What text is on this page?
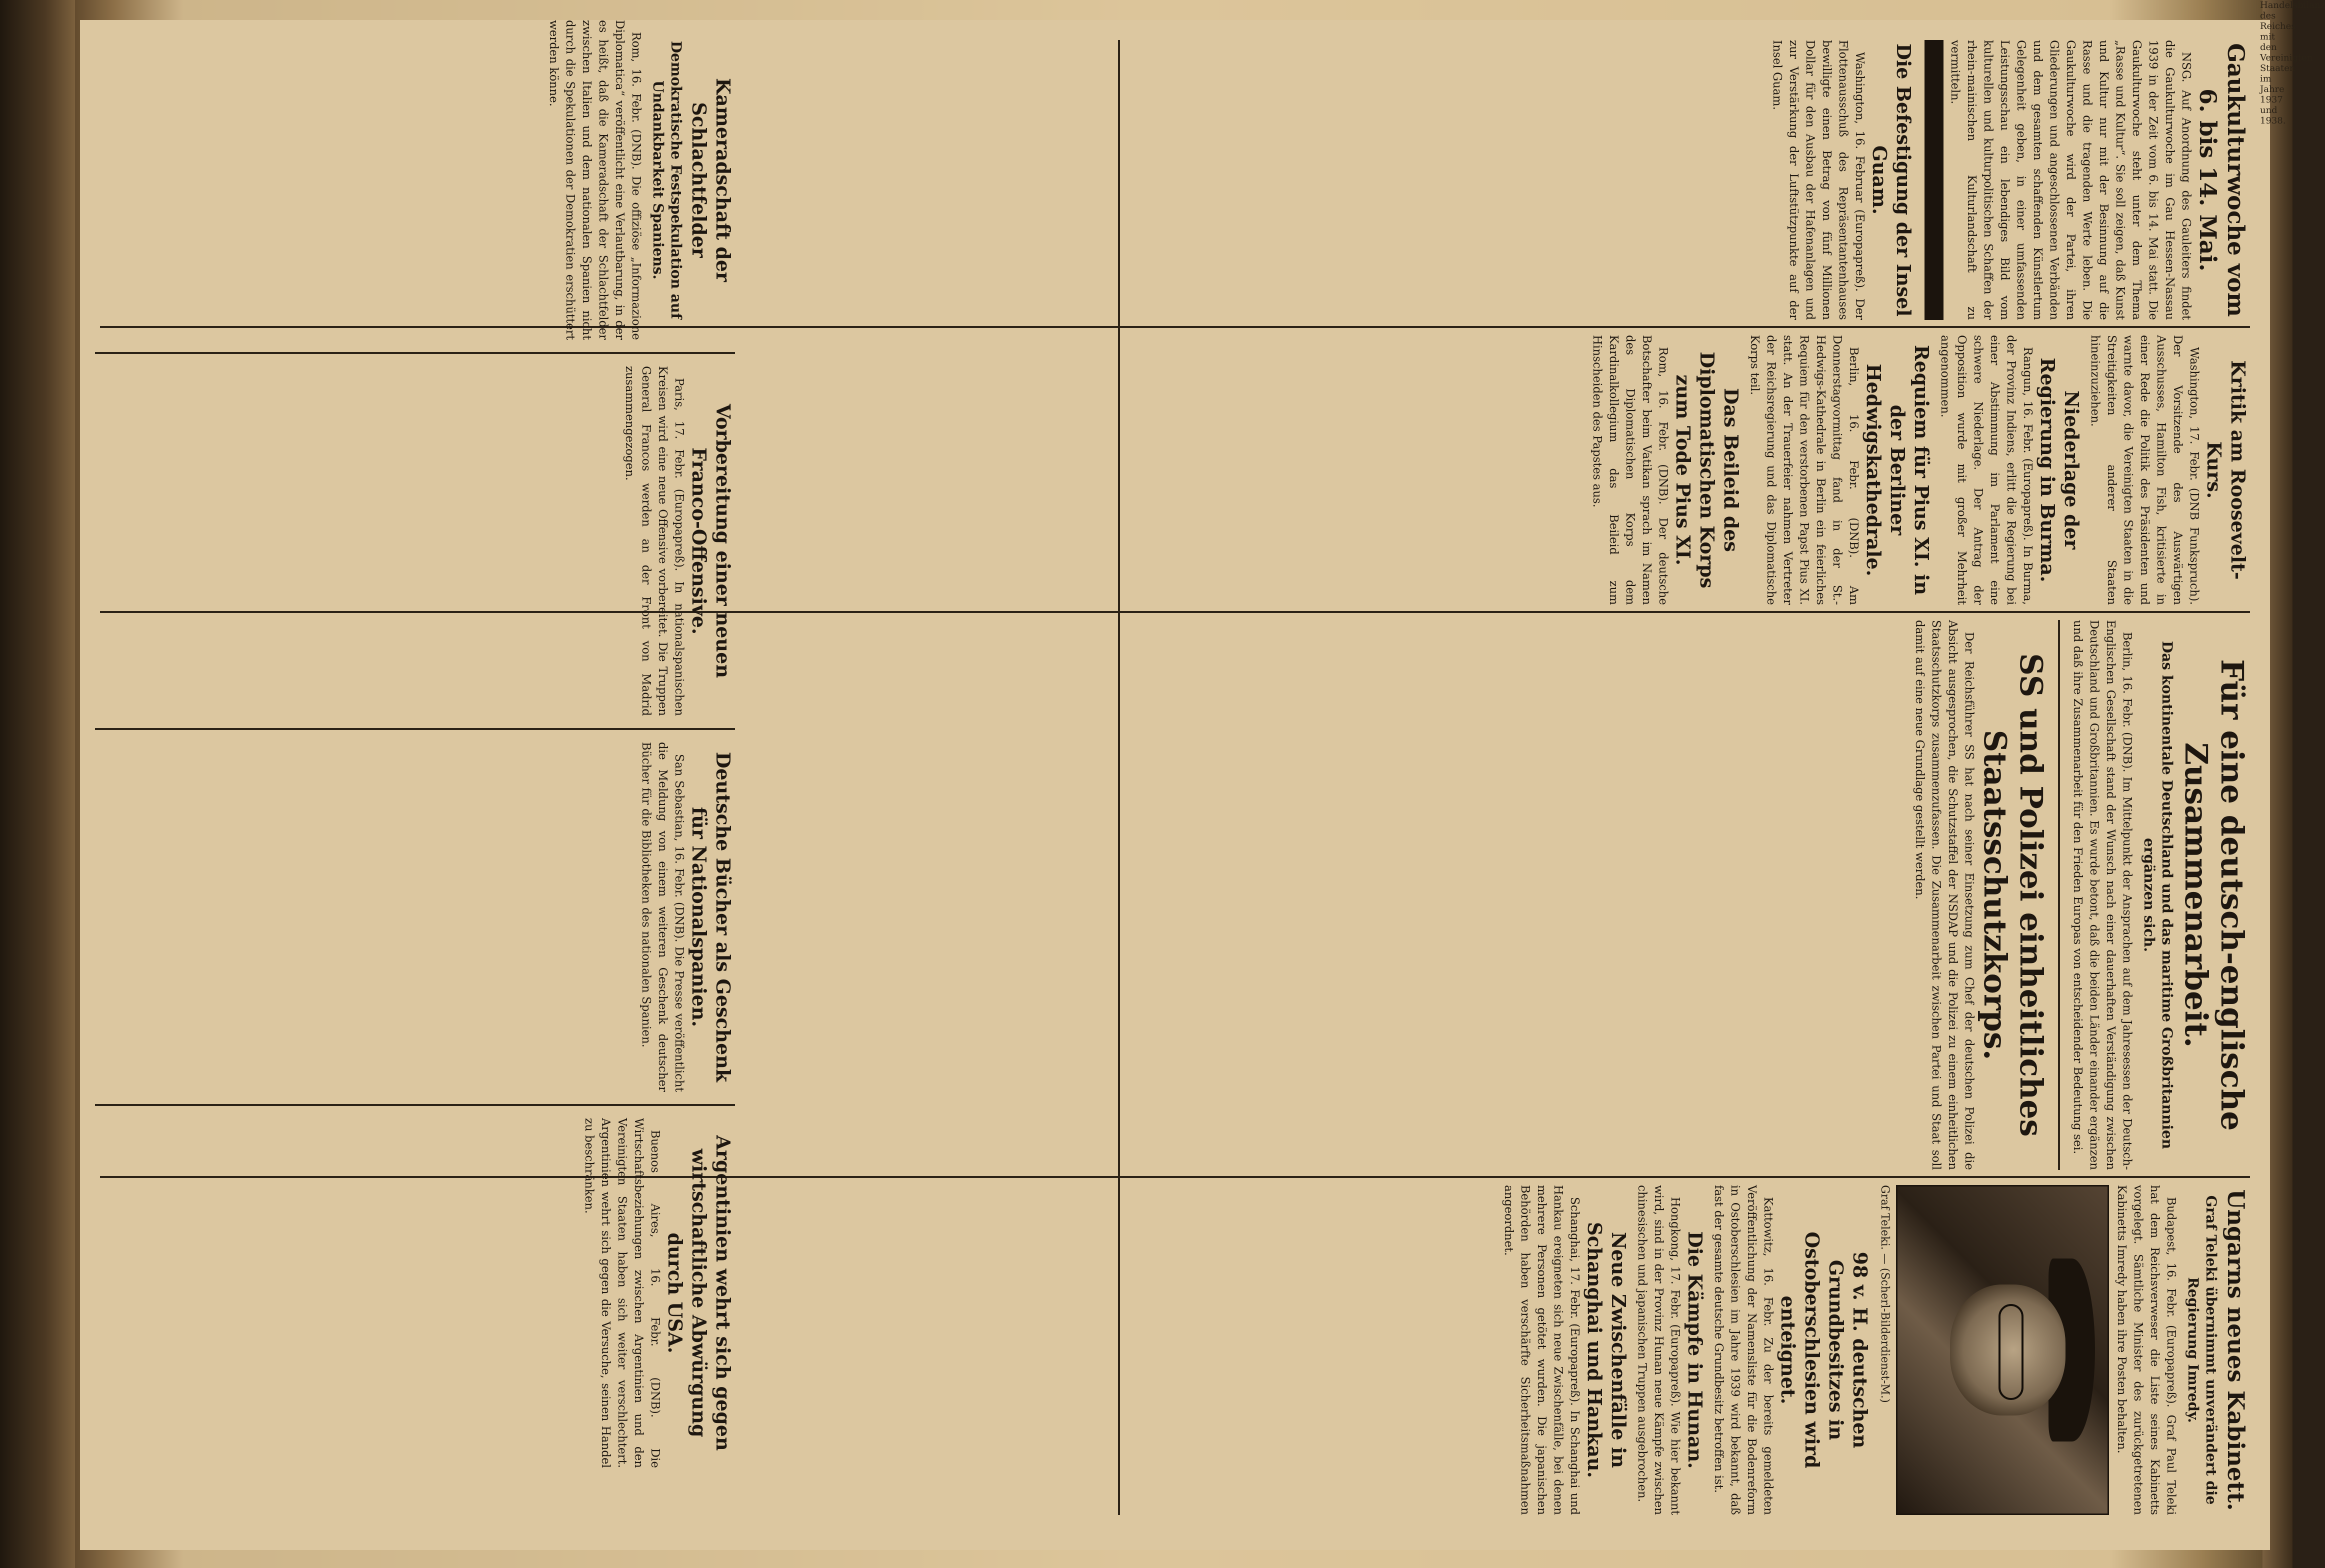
Gaukulturwoche vom 6. bis 14. Mai.

NSG. Auf Anordnung des Gauleiters findet die Gaukulturwoche im Gau Hessen-Nassau 1939 in der Zeit vom 6. bis 14. Mai statt. Die Gaukulturwoche steht unter dem Thema „Rasse und Kultur“. Sie soll zeigen, daß Kunst und Kultur nur mit der Besinnung auf die Rasse und die tragenden Werte leben. Die Gaukulturwoche wird der Partei, ihren Gliederungen und angeschlossenen Verbänden und dem gesamten schaffenden Künstlertum Gelegenheit geben, in einer umfassenden Leistungsschau ein lebendiges Bild vom kulturellen und kulturpolitischen Schaffen der rhein-mainischen Kulturlandschaft zu vermitteln.

Die Befestigung der Insel Guam.

Washington, 16. Februar (Europapreß). Der Flottenausschuß des Repräsentantenhauses bewilligte einen Betrag von fünf Millionen Dollar für den Ausbau der Hafenanlagen und zur Verstärkung der Luftstützpunkte auf der Insel Guam.

Kritik am Roosevelt-Kurs.

Washington, 17. Febr. (DNB Funkspruch). Der Vorsitzende des Auswärtigen Ausschusses, Hamilton Fish, kritisierte in einer Rede die Politik des Präsidenten und warnte davor, die Vereinigten Staaten in die Streitigkeiten anderer Staaten hineinzuziehen.

Niederlage der Regierung in Burma.

Rangun, 16. Febr. (Europapreß). In Burma, der Provinz Indiens, erlitt die Regierung bei einer Abstimmung im Parlament eine schwere Niederlage. Der Antrag der Opposition wurde mit großer Mehrheit angenommen.

Requiem für Pius XI. in der Berliner Hedwigskathedrale.

Berlin, 16. Febr. (DNB). Am Donnerstagvormittag fand in der St.-Hedwigs-Kathedrale in Berlin ein feierliches Requiem für den verstorbenen Papst Pius XI. statt. An der Trauerfeier nahmen Vertreter der Reichsregierung und das Diplomatische Korps teil.

Das Beileid des Diplomatischen Korps zum Tode Pius XI.

Rom, 16. Febr. (DNB). Der deutsche Botschafter beim Vatikan sprach im Namen des Diplomatischen Korps dem Kardinalkollegium das Beileid zum Hinscheiden des Papstes aus.

Für eine deutsch-englische Zusammenarbeit.
Das kontinentale Deutschland und das maritime Großbritannien ergänzen sich.

Berlin, 16. Febr. (DNB). Im Mittelpunkt der Ansprachen auf dem Jahresessen der Deutsch-Englischen Gesellschaft stand der Wunsch nach einer dauerhaften Verständigung zwischen Deutschland und Großbritannien. Es wurde betont, daß die beiden Länder einander ergänzen und daß ihre Zusammenarbeit für den Frieden Europas von entscheidender Bedeutung sei.

SS und Polizei einheitliches Staatsschutzkorps.

Der Reichsführer SS hat nach seiner Einsetzung zum Chef der deutschen Polizei die Absicht ausgesprochen, die Schutzstaffel der NSDAP und die Polizei zu einem einheitlichen Staatsschutzkorps zusammenzufassen. Die Zusammenarbeit zwischen Partei und Staat soll damit auf eine neue Grundlage gestellt werden.

Ungarns neues Kabinett.
Graf Teleki übernimmt unverändert die Regierung Imredy.

Budapest, 16. Febr. (Europapreß). Graf Paul Teleki hat dem Reichsverweser die Liste seines Kabinetts vorgelegt. Sämtliche Minister des zurückgetretenen Kabinetts Imredy haben ihre Posten behalten.

Graf Teleki. — (Scherl-Bilderdienst-M.)
98 v. H. deutschen Grundbesitzes in Ostoberschlesien wird enteignet.

Kattowitz, 16. Febr. Zu der bereits gemeldeten Veröffentlichung der Namensliste für die Bodenreform in Ostoberschlesien im Jahre 1939 wird bekannt, daß fast der gesamte deutsche Grundbesitz betroffen ist.

Die Kämpfe in Hunan.

Hongkong, 17. Febr. (Europapreß). Wie hier bekannt wird, sind in der Provinz Hunan neue Kämpfe zwischen chinesischen und japanischen Truppen ausgebrochen.

Neue Zwischenfälle in Schanghai und Hankau.

Schanghai, 17. Febr. (Europapreß). In Schanghai und Hankau ereigneten sich neue Zwischenfälle, bei denen mehrere Personen getötet wurden. Die japanischen Behörden haben verschärfte Sicherheitsmaßnahmen angeordnet.

Handelsbilanz des Reiches mit den Vereinigten Staaten im Jahre 1937 und 1938.
Kameradschaft der Schlachtfelder
Demokratische Festspekulation auf Undankbarkeit Spaniens.

Rom, 16. Febr. (DNB). Die offiziöse „Informazione Diplomatica“ veröffentlicht eine Verlautbarung, in der es heißt, daß die Kameradschaft der Schlachtfelder zwischen Italien und dem nationalen Spanien nicht durch die Spekulationen der Demokratien erschüttert werden könne.

Vorbereitung einer neuen Franco-Offensive.

Paris, 17. Febr. (Europapreß). In nationalspanischen Kreisen wird eine neue Offensive vorbereitet. Die Truppen General Francos werden an der Front von Madrid zusammengezogen.

Deutsche Bücher als Geschenk für Nationalspanien.

San Sebastian, 16. Febr. (DNB). Die Presse veröffentlicht die Meldung von einem weiteren Geschenk deutscher Bücher für die Bibliotheken des nationalen Spanien.

Argentinien wehrt sich gegen wirtschaftliche Abwürgung durch USA.

Buenos Aires, 16. Febr. (DNB). Die Wirtschaftsbeziehungen zwischen Argentinien und den Vereinigten Staaten haben sich weiter verschlechtert. Argentinien wehrt sich gegen die Versuche, seinen Handel zu beschränken.
